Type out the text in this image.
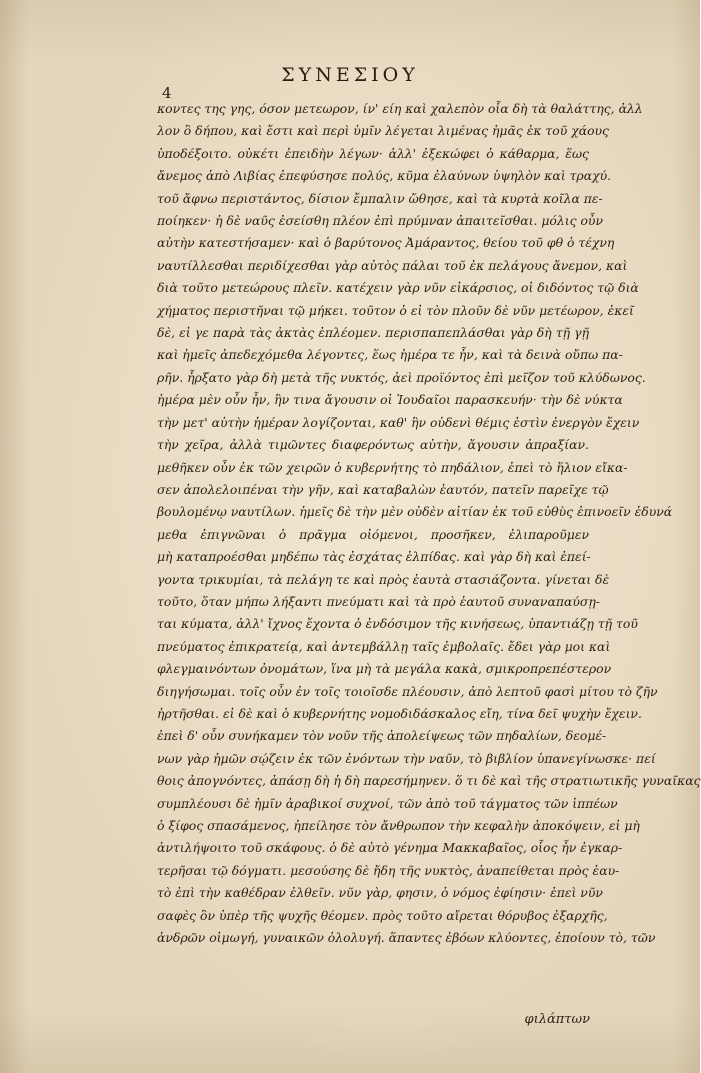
ΣΥΝΕΣΙΟΥ
4
κοντες της γης, όσον μετεωρον, ίν' είη καὶ χαλεπὸν οἷα δὴ τὰ θαλάττης, ἀλλ
λον ὃ δήπου, καὶ ἔστι καὶ περὶ ὑμῖν λέγεται λιμένας ἡμᾶς ἐκ τοῦ χάους
ὑποδέξοιτο. οὐκέτι ἐπειδὴν λέγων· ἀλλ' ἐξεκώφει ὁ κάθαρμα, ἕως
ἄνεμος ἀπὸ Λιβίας ἐπεφύσησε πολύς, κῦμα ἐλαύνων ὑψηλὸν καὶ τραχύ.
τοῦ ἄφνω περιστάντος, δίσιον ἔμπαλιν ὤθησε, καὶ τὰ κυρτὰ κοῖλα πε-
ποίηκεν· ἡ δὲ ναῦς ἐσείσθη πλέον ἐπὶ πρύμναν ἀπαιτεῖσθαι. μόλις οὖν
αὐτὴν κατεστήσαμεν· καὶ ὁ βαρύτονος Ἀμάραντος, θείου τοῦ φθ ὁ τέχνη
ναυτίλλεσθαι περιδίχεσθαι γὰρ αὐτὸς πάλαι τοῦ ἐκ πελάγους ἄνεμον, καὶ
διὰ τοῦτο μετεώρους πλεῖν. κατέχειν γὰρ νῦν εἰκάρσιος, οἱ διδόντος τῷ διὰ
χήματος περιστῆναι τῷ μήκει. τοῦτον ὁ εἰ τὸν πλοῦν δὲ νῦν μετέωρον, ἐκεῖ
δὲ, εἰ γε παρὰ τὰς ἀκτὰς ἐπλέομεν. περισπαπεπλάσθαι γὰρ δὴ τῇ γῇ
καὶ ἡμεῖς ἀπεδεχόμεθα λέγοντες, ἕως ἡμέρα τε ἦν, καὶ τὰ δεινὰ οὔπω πα-
ρῆν. ἦρξατο γὰρ δὴ μετὰ τῆς νυκτός, ἀεὶ προϊόντος ἐπὶ μεῖζον τοῦ κλύδωνος.
ἡμέρα μὲν οὖν ἦν, ἣν τινα ἄγουσιν οἱ Ἰουδαῖοι παρασκευήν· τὴν δὲ νύκτα
τὴν μετ' αὐτὴν ἡμέραν λογίζονται, καθ' ἣν οὐδενὶ θέμις ἐστὶν ἐνεργὸν ἔχειν
τὴν χεῖρα, ἀλλὰ τιμῶντες διαφερόντως αὐτὴν, ἄγουσιν ἀπραξίαν.
μεθῆκεν οὖν ἐκ τῶν χειρῶν ὁ κυβερνήτης τὸ πηδάλιον, ἐπεὶ τὸ ἥλιον εἴκα-
σεν ἀπολελοιπέναι τὴν γῆν, καὶ καταβαλὼν ἑαυτόν, πατεῖν παρεῖχε τῷ
βουλομένῳ ναυτίλων. ἡμεῖς δὲ τὴν μὲν οὐδὲν αἰτίαν ἐκ τοῦ εὐθὺς ἐπινοεῖν ἐδυνά
μεθα ἐπιγνῶναι ὁ πρᾶγμα οἰόμενοι, προσῆκεν, ἐλιπαροῦμεν
μὴ καταπροέσθαι μηδέπω τὰς ἐσχάτας ἐλπίδας. καὶ γὰρ δὴ καὶ ἐπεί-
γοντα τρικυμίαι, τὰ πελάγη τε καὶ πρὸς ἑαυτὰ στασιάζοντα. γίνεται δὲ
τοῦτο, ὅταν μήπω λήξαντι πνεύματι καὶ τὰ πρὸ ἑαυτοῦ συναναπαύσῃ-
ται κύματα, ἀλλ' ἴχνος ἔχοντα ὁ ἐνδόσιμον τῆς κινήσεως, ὑπαντιάζῃ τῇ τοῦ
πνεύματος ἐπικρατείᾳ, καὶ ἀντεμβάλλῃ ταῖς ἐμβολαῖς. ἔδει γὰρ μοι καὶ
φλεγμαινόντων ὀνομάτων, ἵνα μὴ τὰ μεγάλα κακὰ, σμικροπρεπέστερον
διηγήσωμαι. τοῖς οὖν ἐν τοῖς τοιοῖσδε πλέουσιν, ἀπὸ λεπτοῦ φασὶ μίτου τὸ ζῆν
ἠρτῆσθαι. εἰ δὲ καὶ ὁ κυβερνήτης νομοδιδάσκαλος εἴη, τίνα δεῖ ψυχὴν ἔχειν.
ἐπεὶ δ' οὖν συνήκαμεν τὸν νοῦν τῆς ἀπολείψεως τῶν πηδαλίων, δεομέ-
νων γὰρ ἡμῶν σῴζειν ἐκ τῶν ἐνόντων τὴν ναῦν, τὸ βιβλίον ὑπανεγίνωσκε· πεί
θοις ἀπογνόντες, ἀπάσῃ δὴ ἡ δὴ παρεσήμηνεν. ὅ τι δὲ καὶ τῆς στρατιωτικῆς γυναῖκας
συμπλέουσι δὲ ἡμῖν ἀραβικοί συχνοί, τῶν ἀπὸ τοῦ τάγματος τῶν ἱππέων
ὁ ξίφος σπασάμενος, ἠπείλησε τὸν ἄνθρωπον τὴν κεφαλὴν ἀποκόψειν, εἰ μὴ
ἀντιλήψοιτο τοῦ σκάφους. ὁ δὲ αὐτὸ γένημα Μακκαβαῖος, οἷος ἦν ἐγκαρ-
τερῆσαι τῷ δόγματι. μεσούσης δὲ ἤδη τῆς νυκτὸς, ἀναπείθεται πρὸς ἑαυ-
τὸ ἐπὶ τὴν καθέδραν ἐλθεῖν. νῦν γὰρ, φησιν, ὁ νόμος ἐφίησιν· ἐπεὶ νῦν
σαφὲς ὂν ὑπὲρ τῆς ψυχῆς θέομεν. πρὸς τοῦτο αἴρεται θόρυβος ἐξαρχῆς,
ἀνδρῶν οἰμωγή, γυναικῶν ὀλολυγή. ἅπαντες ἐβόων κλύοντες, ἐποίουν τὸ, τῶν
φιλάπτων
